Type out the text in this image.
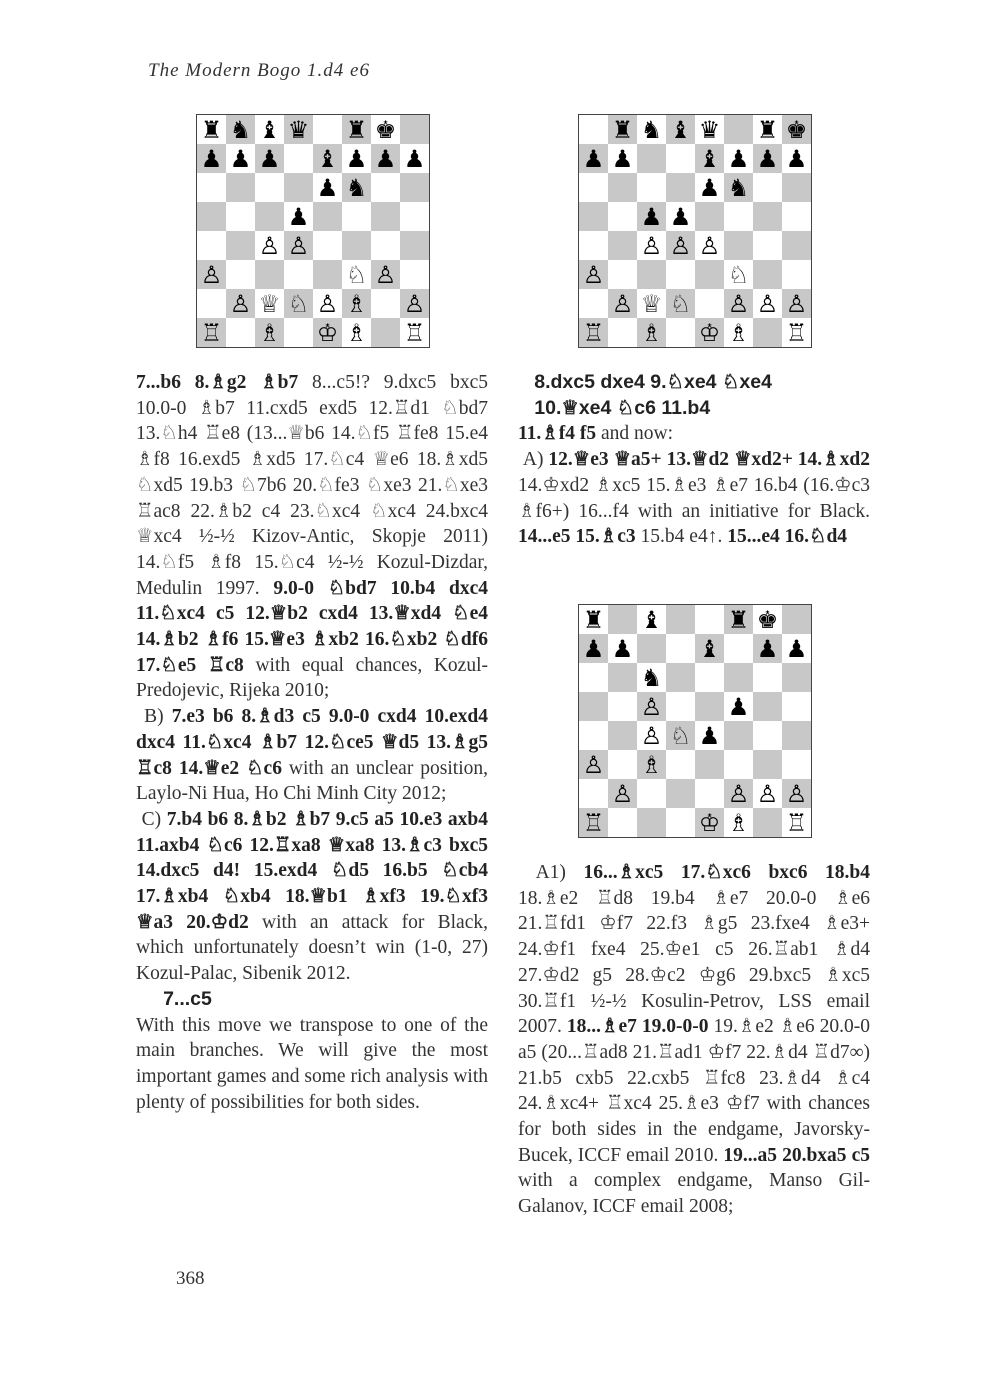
The Modern Bogo 1.d4 e6
♜ ♞ ♝ ♛ ♜ ♚
♟ ♟ ♟ ♝ ♟ ♟ ♟
♟ ♞
♟
♙ ♙
♙	♘ ♙
♙ ♕ ♘ ♙ ♗ ♙
♖ ♗ ♔ ♗ ♖
♜ ♞ ♝ ♛ ♜ ♚
♟ ♟	♝ ♟ ♟ ♟
♟ ♞
♟ ♟
♙ ♙ ♙
♙	♘
♙ ♕ ♘ ♙ ♙ ♙
♖ ♗ ♔ ♗ ♖
♜ ♝	♜ ♚
♟ ♟	♝ ♟ ♟
♞
♙	♟
♙ ♘ ♟
♙ ♗
♙	♙ ♙ ♙
♖	♔ ♗ ♖

7...b6 8.♗g2 ♗b7 8...c5!? 9.dxc5 bxc5 10.0-0 ♗b7 11.cxd5 exd5 12.♖d1 ♘bd7 13.♘h4 ♖e8 (13...♕b6 14.♘f5 ♖fe8 15.e4 ♗f8 16.exd5 ♗xd5 17.♘c4 ♕e6 18.♗xd5 ♘xd5 19.b3 ♘7b6 20.♘fe3 ♘xe3 21.♘xe3 ♖ac8 22.♗b2 c4 23.♘xc4 ♘xc4 24.bxc4 ♕xc4 ½-½ Kizov-Antic, Skopje 2011) 14.♘f5 ♗f8 15.♘c4 ½-½ Kozul-Dizdar, Medulin 1997. 9.0-0 ♘bd7 10.b4 dxc4 11.♘xc4 c5 12.♕b2 cxd4 13.♕xd4 ♘e4 14.♗b2 ♗f6 15.♕e3 ♗xb2 16.♘xb2 ♘df6 17.♘e5 ♖c8 with equal chances, Kozul-Predojevic, Rijeka 2010;

B) 7.e3 b6 8.♗d3 c5 9.0-0 cxd4 10.exd4 dxc4 11.♘xc4 ♗b7 12.♘ce5 ♕d5 13.♗g5 ♖c8 14.♕e2 ♘c6 with an unclear position, Laylo-Ni Hua, Ho Chi Minh City 2012;

C) 7.b4 b6 8.♗b2 ♗b7 9.c5 a5 10.e3 axb4 11.axb4 ♘c6 12.♖xa8 ♕xa8 13.♗c3 bxc5 14.dxc5 d4! 15.exd4 ♘d5 16.b5 ♘cb4 17.♗xb4 ♘xb4 18.♕b1 ♗xf3 19.♘xf3 ♕a3 20.♔d2 with an attack for Black, which unfortunately doesn’t win (1-0, 27) Kozul-Palac, Sibenik 2012.

7...c5

With this move we transpose to one of the main branches. We will give the most important games and some rich analysis with plenty of possibilities for both sides.

8.dxc5 dxe4 9.♘xe4 ♘xe4
10.♕xe4 ♘c6 11.b4

11.♗f4 f5 and now:

A) 12.♕e3 ♕a5+ 13.♕d2 ♕xd2+ 14.♗xd2 14.♔xd2 ♗xc5 15.♗e3 ♗e7 16.b4 (16.♔c3 ♗f6+) 16...f4 with an initiative for Black. 14...e5 15.♗c3 15.b4 e4↑. 15...e4 16.♘d4

A1) 16...♗xc5 17.♘xc6 bxc6 18.b4 18.♗e2 ♖d8 19.b4 ♗e7 20.0-0 ♗e6 21.♖fd1 ♔f7 22.f3 ♗g5 23.fxe4 ♗e3+ 24.♔f1 fxe4 25.♔e1 c5 26.♖ab1 ♗d4 27.♔d2 g5 28.♔c2 ♔g6 29.bxc5 ♗xc5 30.♖f1 ½-½ Kosulin-Petrov, LSS email 2007. 18...♗e7 19.0-0-0 19.♗e2 ♗e6 20.0-0 a5 (20...♖ad8 21.♖ad1 ♔f7 22.♗d4 ♖d7∞) 21.b5 cxb5 22.cxb5 ♖fc8 23.♗d4 ♗c4 24.♗xc4+ ♖xc4 25.♗e3 ♔f7 with chances for both sides in the endgame, Javorsky-Bucek, ICCF email 2010. 19...a5 20.bxa5 c5 with a complex endgame, Manso Gil-Galanov, ICCF email 2008;

368
